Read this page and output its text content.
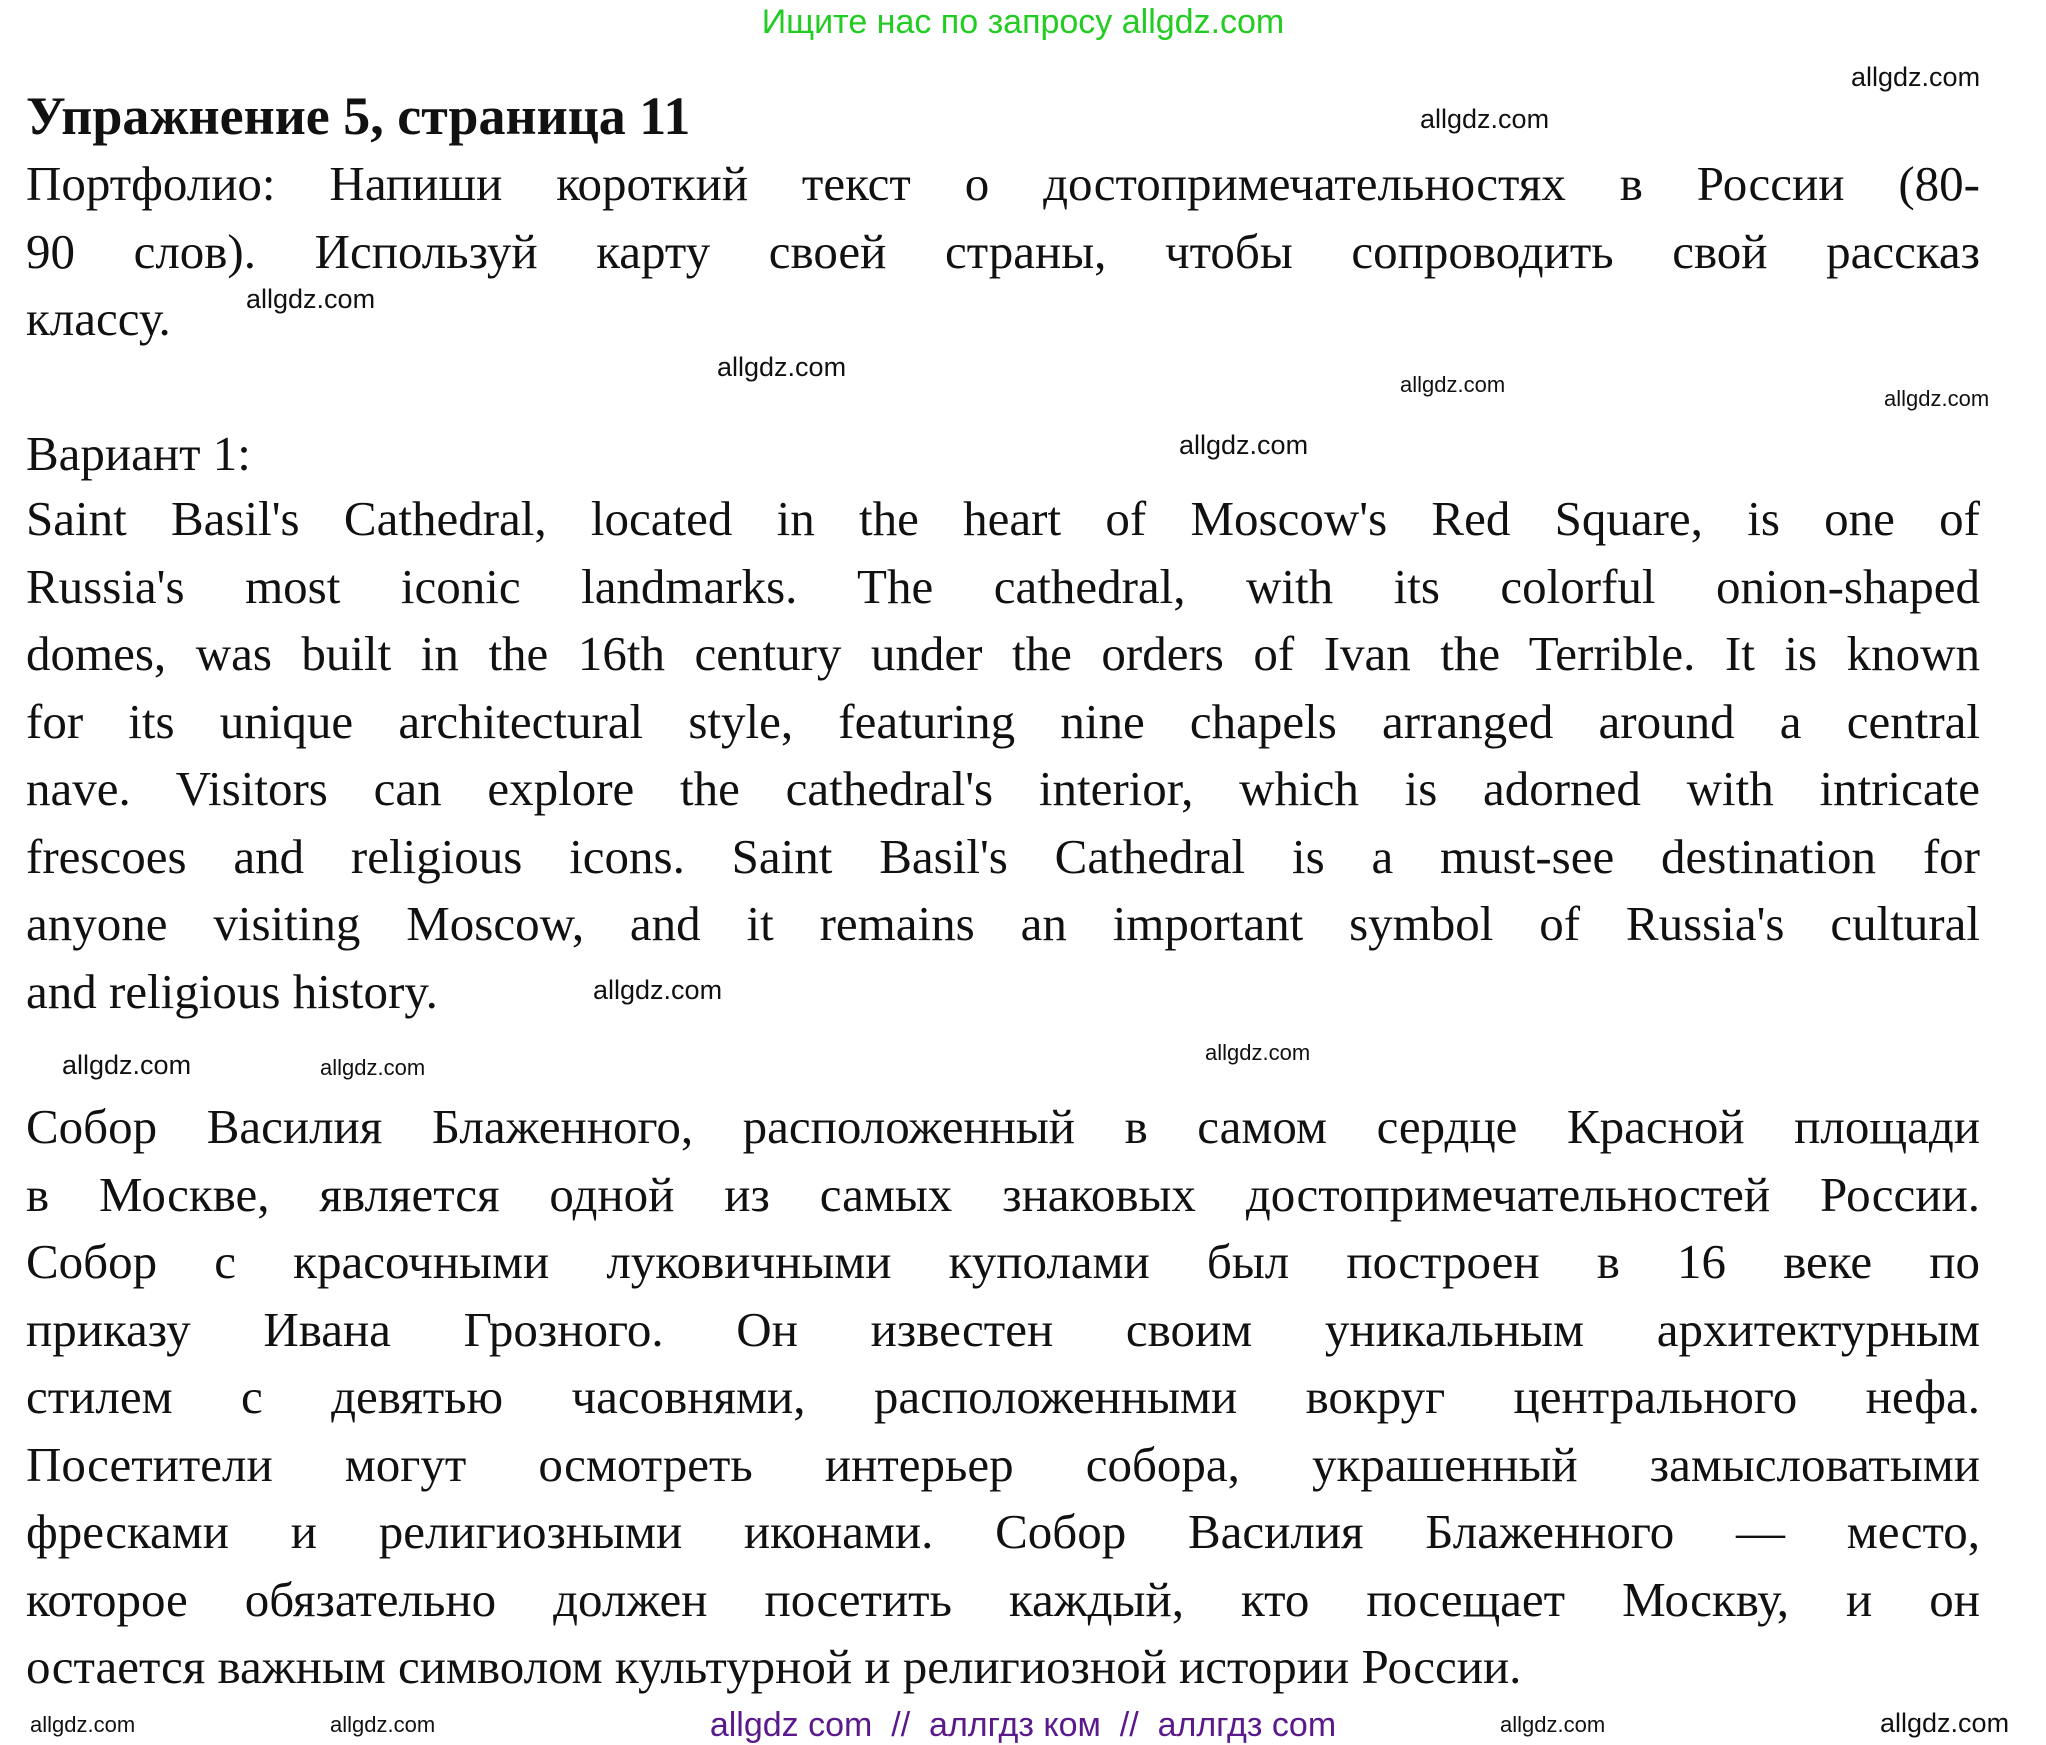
Ищите нас по запросу allgdz.com
Упражнение 5, страница 11
Портфолио: Напиши короткий текст о достопримечательностях в России (80-
90 слов). Используй карту своей страны, чтобы сопроводить свой рассказ
классу.
Вариант 1:
Saint Basil's Cathedral, located in the heart of Moscow's Red Square, is one of
Russia's most iconic landmarks. The cathedral, with its colorful onion-shaped
domes, was built in the 16th century under the orders of Ivan the Terrible. It is known
for its unique architectural style, featuring nine chapels arranged around a central
nave. Visitors can explore the cathedral's interior, which is adorned with intricate
frescoes and religious icons. Saint Basil's Cathedral is a must-see destination for
anyone visiting Moscow, and it remains an important symbol of Russia's cultural
and religious history.
Собор Василия Блаженного, расположенный в самом сердце Красной площади
в Москве, является одной из самых знаковых достопримечательностей России.
Собор с красочными луковичными куполами был построен в 16 веке по
приказу Ивана Грозного. Он известен своим уникальным архитектурным
стилем с девятью часовнями, расположенными вокруг центрального нефа.
Посетители могут осмотреть интерьер собора, украшенный замысловатыми
фресками и религиозными иконами. Собор Василия Блаженного — место,
которое обязательно должен посетить каждый, кто посещает Москву, и он
остается важным символом культурной и религиозной истории России.
allgdz.com
allgdz.com
allgdz.com
allgdz.com
allgdz.com
allgdz.com
allgdz.com
allgdz.com
allgdz.com
allgdz.com
allgdz.com
allgdz.com	allgdz.com	allgdz.com	allgdz.com
allgdz com  //  аллгдз ком  //  аллгдз com
